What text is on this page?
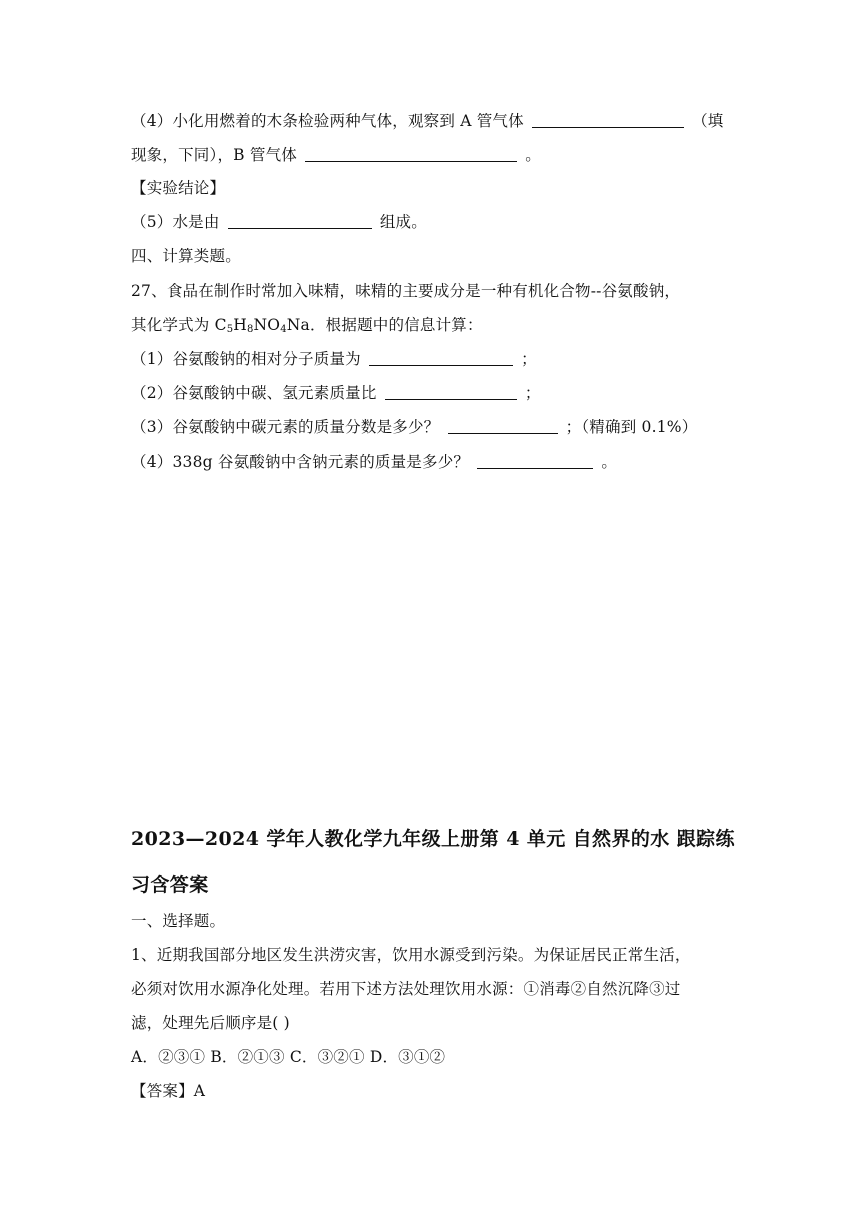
（4）小化用燃着的木条检验两种气体，观察到 A 管气体	（填
现象，下同），B 管气体	。
【实验结论】
（5）水是由	组成。
四、计算类题。
27、食品在制作时常加入味精，味精的主要成分是一种有机化合物--谷氨酸钠，
其化学式为 $C_5H_8NO_4Na$．根据题中的信息计算：
（1）谷氨酸钠的相对分子质量为	；
（2）谷氨酸钠中碳、氢元素质量比	；
（3）谷氨酸钠中碳元素的质量分数是多少？	；（精确到 0.1%）
（4）338g 谷氨酸钠中含钠元素的质量是多少？	。
2023—2024 学年人教化学九年级上册第 4 单元 自然界的水 跟踪练
习含答案
一、选择题。
1、近期我国部分地区发生洪涝灾害，饮用水源受到污染。为保证居民正常生活，
必须对饮用水源净化处理。若用下述方法处理饮用水源：①消毒②自然沉降③过
滤，处理先后顺序是( )
A．②③① B．②①③ C．③②① D．③①②
【答案】A
